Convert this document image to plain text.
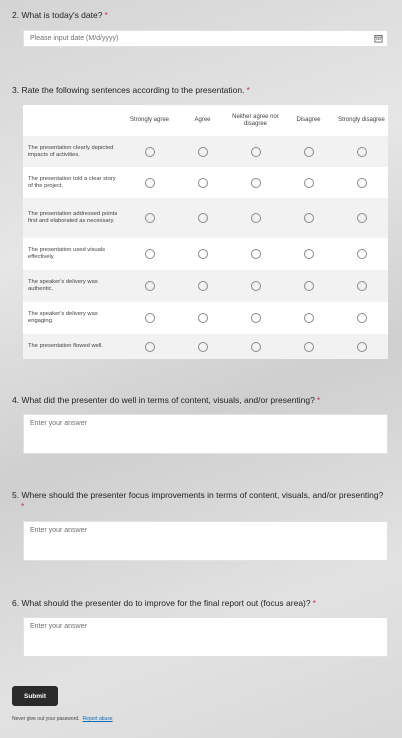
2. What is today's date? *
Please input date (M/d/yyyy)
3. Rate the following sentences according to the presentation. *
	Strongly agree	Agree	Neither agree nor disagree	Disagree	Strongly disagree
The presentation clearly depicted impacts of activities.					
The presentation told a clear story of the project.					
The presentation addressed points first and elaborated as necessary.					
The presentation used visuals effectively.					
The speaker's delivery was authentic.					
The speaker's delivery was engaging.					
The presentation flowed well.					
4. What did the presenter do well in terms of content, visuals, and/or presenting? *
Enter your answer
5. Where should the presenter focus improvements in terms of content, visuals, and/or presenting?
*
Enter your answer
6. What should the presenter do to improve for the final report out (focus area)? *
Enter your answer
Submit
Never give out your password. Report abuse
